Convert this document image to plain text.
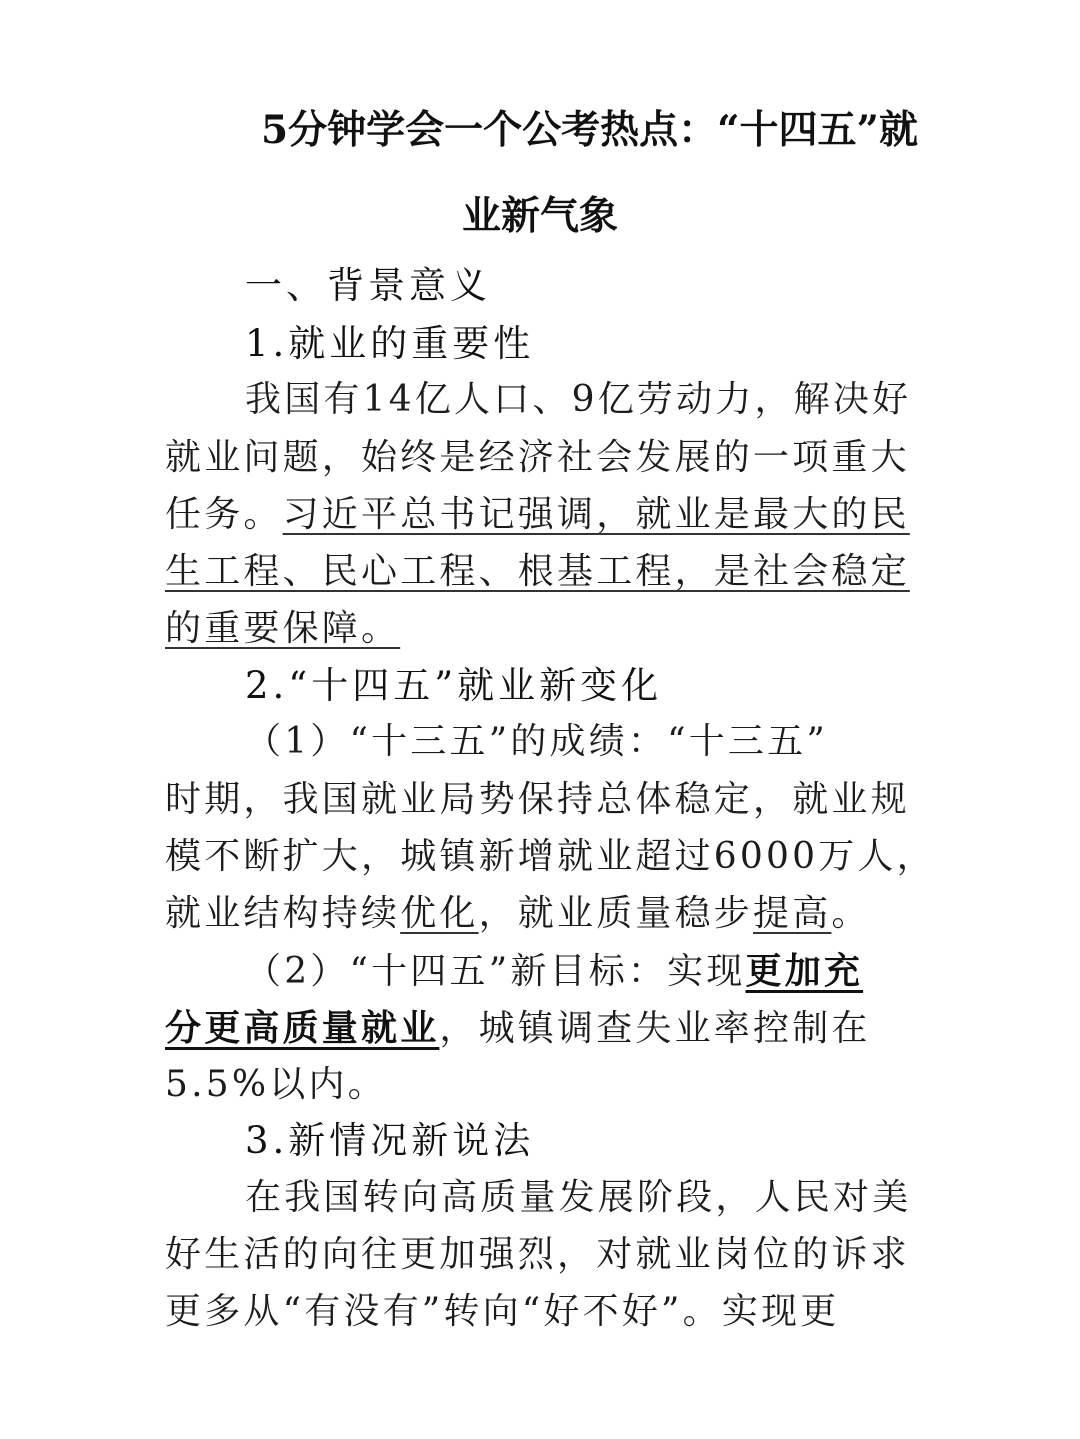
5分钟学会一个公考热点：“十四五”就
业新气象
一、背景意义
1.就业的重要性
我国有14亿人口、9亿劳动力，解决好
就业问题，始终是经济社会发展的一项重大
任务。习近平总书记强调，就业是最大的民
生工程、民心工程、根基工程，是社会稳定
的重要保障。
2.“十四五”就业新变化
（1）“十三五”的成绩：“十三五”
时期，我国就业局势保持总体稳定，就业规
模不断扩大，城镇新增就业超过6000万人，
就业结构持续优化，就业质量稳步提高。
（2）“十四五”新目标：实现更加充
分更高质量就业，城镇调查失业率控制在
5.5%以内。
3.新情况新说法
在我国转向高质量发展阶段，人民对美
好生活的向往更加强烈，对就业岗位的诉求
更多从“有没有”转向“好不好”。实现更
